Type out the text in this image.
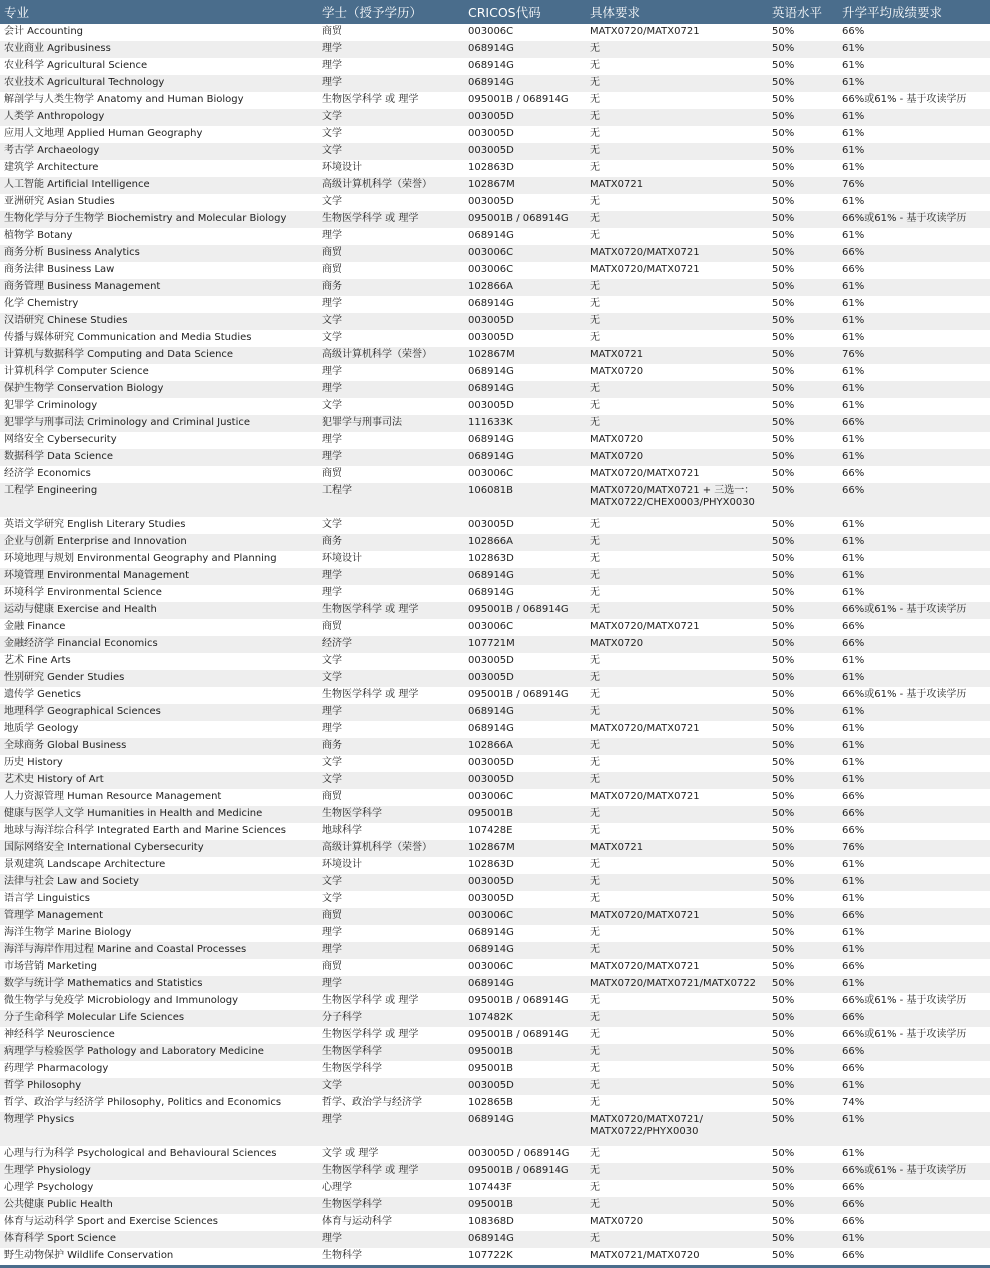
专业	学士（授予学历）	CRICOS代码	具体要求	英语水平	升学平均成绩要求
会计 Accounting	商贸	003006C	MATX0720/MATX0721	50%	66%
农业商业 Agribusiness	理学	068914G	无	50%	61%
农业科学 Agricultural Science	理学	068914G	无	50%	61%
农业技术 Agricultural Technology	理学	068914G	无	50%	61%
解剖学与人类生物学 Anatomy and Human Biology	生物医学科学 或 理学	095001B / 068914G	无	50%	66%或61% - 基于攻读学历
人类学 Anthropology	文学	003005D	无	50%	61%
应用人文地理 Applied Human Geography	文学	003005D	无	50%	61%
考古学 Archaeology	文学	003005D	无	50%	61%
建筑学 Architecture	环境设计	102863D	无	50%	61%
人工智能 Artificial Intelligence	高级计算机科学（荣誉）	102867M	MATX0721	50%	76%
亚洲研究 Asian Studies	文学	003005D	无	50%	61%
生物化学与分子生物学 Biochemistry and Molecular Biology	生物医学科学 或 理学	095001B / 068914G	无	50%	66%或61% - 基于攻读学历
植物学 Botany	理学	068914G	无	50%	61%
商务分析 Business Analytics	商贸	003006C	MATX0720/MATX0721	50%	66%
商务法律 Business Law	商贸	003006C	MATX0720/MATX0721	50%	66%
商务管理 Business Management	商务	102866A	无	50%	61%
化学 Chemistry	理学	068914G	无	50%	61%
汉语研究 Chinese Studies	文学	003005D	无	50%	61%
传播与媒体研究 Communication and Media Studies	文学	003005D	无	50%	61%
计算机与数据科学 Computing and Data Science	高级计算机科学（荣誉）	102867M	MATX0721	50%	76%
计算机科学 Computer Science	理学	068914G	MATX0720	50%	61%
保护生物学 Conservation Biology	理学	068914G	无	50%	61%
犯罪学 Criminology	文学	003005D	无	50%	61%
犯罪学与刑事司法 Criminology and Criminal Justice	犯罪学与刑事司法	111633K	无	50%	66%
网络安全 Cybersecurity	理学	068914G	MATX0720	50%	61%
数据科学 Data Science	理学	068914G	MATX0720	50%	61%
经济学 Economics	商贸	003006C	MATX0720/MATX0721	50%	66%
工程学 Engineering	工程学	106081B	MATX0720/MATX0721 + 三选一：MATX0722/CHEX0003/PHYX0030	50%	66%
英语文学研究 English Literary Studies	文学	003005D	无	50%	61%
企业与创新 Enterprise and Innovation	商务	102866A	无	50%	61%
环境地理与规划 Environmental Geography and Planning	环境设计	102863D	无	50%	61%
环境管理 Environmental Management	理学	068914G	无	50%	61%
环境科学 Environmental Science	理学	068914G	无	50%	61%
运动与健康 Exercise and Health	生物医学科学 或 理学	095001B / 068914G	无	50%	66%或61% - 基于攻读学历
金融 Finance	商贸	003006C	MATX0720/MATX0721	50%	66%
金融经济学 Financial Economics	经济学	107721M	MATX0720	50%	66%
艺术 Fine Arts	文学	003005D	无	50%	61%
性别研究 Gender Studies	文学	003005D	无	50%	61%
遗传学 Genetics	生物医学科学 或 理学	095001B / 068914G	无	50%	66%或61% - 基于攻读学历
地理科学 Geographical Sciences	理学	068914G	无	50%	61%
地质学 Geology	理学	068914G	MATX0720/MATX0721	50%	61%
全球商务 Global Business	商务	102866A	无	50%	61%
历史 History	文学	003005D	无	50%	61%
艺术史 History of Art	文学	003005D	无	50%	61%
人力资源管理 Human Resource Management	商贸	003006C	MATX0720/MATX0721	50%	66%
健康与医学人文学 Humanities in Health and Medicine	生物医学科学	095001B	无	50%	66%
地球与海洋综合科学 Integrated Earth and Marine Sciences	地球科学	107428E	无	50%	66%
国际网络安全 International Cybersecurity	高级计算机科学（荣誉）	102867M	MATX0721	50%	76%
景观建筑 Landscape Architecture	环境设计	102863D	无	50%	61%
法律与社会 Law and Society	文学	003005D	无	50%	61%
语言学 Linguistics	文学	003005D	无	50%	61%
管理学 Management	商贸	003006C	MATX0720/MATX0721	50%	66%
海洋生物学 Marine Biology	理学	068914G	无	50%	61%
海洋与海岸作用过程 Marine and Coastal Processes	理学	068914G	无	50%	61%
市场营销 Marketing	商贸	003006C	MATX0720/MATX0721	50%	66%
数学与统计学 Mathematics and Statistics	理学	068914G	MATX0720/MATX0721/MATX0722	50%	61%
微生物学与免疫学 Microbiology and Immunology	生物医学科学 或 理学	095001B / 068914G	无	50%	66%或61% - 基于攻读学历
分子生命科学 Molecular Life Sciences	分子科学	107482K	无	50%	66%
神经科学 Neuroscience	生物医学科学 或 理学	095001B / 068914G	无	50%	66%或61% - 基于攻读学历
病理学与检验医学 Pathology and Laboratory Medicine	生物医学科学	095001B	无	50%	66%
药理学 Pharmacology	生物医学科学	095001B	无	50%	66%
哲学 Philosophy	文学	003005D	无	50%	61%
哲学、政治学与经济学 Philosophy, Politics and Economics	哲学、政治学与经济学	102865B	无	50%	74%
物理学 Physics	理学	068914G	MATX0720/MATX0721/ MATX0722/PHYX0030	50%	61%
心理与行为科学 Psychological and Behavioural Sciences	文学 或 理学	003005D / 068914G	无	50%	61%
生理学 Physiology	生物医学科学 或 理学	095001B / 068914G	无	50%	66%或61% - 基于攻读学历
心理学 Psychology	心理学	107443F	无	50%	66%
公共健康 Public Health	生物医学科学	095001B	无	50%	66%
体育与运动科学 Sport and Exercise Sciences	体育与运动科学	108368D	MATX0720	50%	66%
体育科学 Sport Science	理学	068914G	无	50%	61%
野生动物保护 Wildlife Conservation	生物科学	107722K	MATX0721/MATX0720	50%	66%
